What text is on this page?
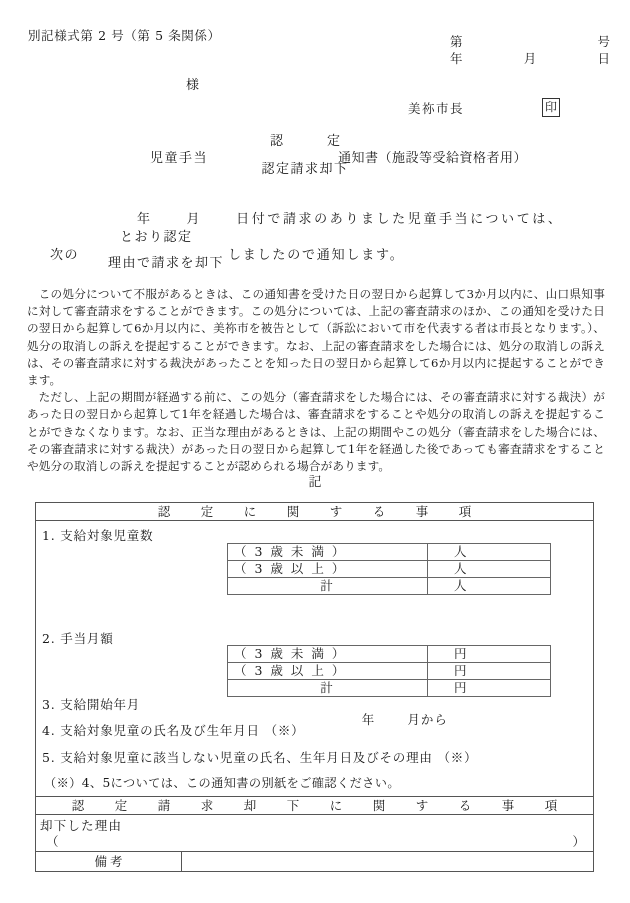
別記様式第 2 号（第 5 条関係）	第	号
年	月	日
様
美祢市長	印
児童手当
認　　定
認定請求却下
通知書（施設等受給資格者用）

年	月	日付で請求のありました児童手当については、

次の
とおり認定
理由で請求を却下
しましたので通知します。

この処分について不服があるときは、この通知書を受けた日の翌日から起算して3か月以内に、山口県知事に対して審査請求をすることができます。この処分については、上記の審査請求のほか、この通知を受けた日の翌日から起算して6か月以内に、美祢市を被告として（訴訟において市を代表する者は市長となります。）、処分の取消しの訴えを提起することができます。なお、上記の審査請求をした場合には、処分の取消しの訴えは、その審査請求に対する裁決があったことを知った日の翌日から起算して6か月以内に提起することができます。

ただし、上記の期間が経過する前に、この処分（審査請求をした場合には、その審査請求に対する裁決）があった日の翌日から起算して1年を経過した場合は、審査請求をすることや処分の取消しの訴えを提起することができなくなります。なお、正当な理由があるときは、上記の期間やこの処分（審査請求をした場合には、その審査請求に対する裁決）があった日の翌日から起算して1年を経過した後であっても審査請求をすることや処分の取消しの訴えを提起することが認められる場合があります。

記
認　定　に　関　す　る　事　項
1. 支給対象児童数
（ 3 歳 未 満 ）	人
（ 3 歳 以 上 ）	人
計	人
2. 手当月額
（ 3 歳 未 満 ）	円
（ 3 歳 以 上 ）	円
計	円
3. 支給開始年月

年	月から

4. 支給対象児童の氏名及び生年月日 （※）
5. 支給対象児童に該当しない児童の氏名、生年月日及びその理由 （※）
（※）4、5については、この通知書の別紙をご確認ください。
認　定　請　求　却　下　に　関　す　る　事　項
却下した理由
（	）
備考
